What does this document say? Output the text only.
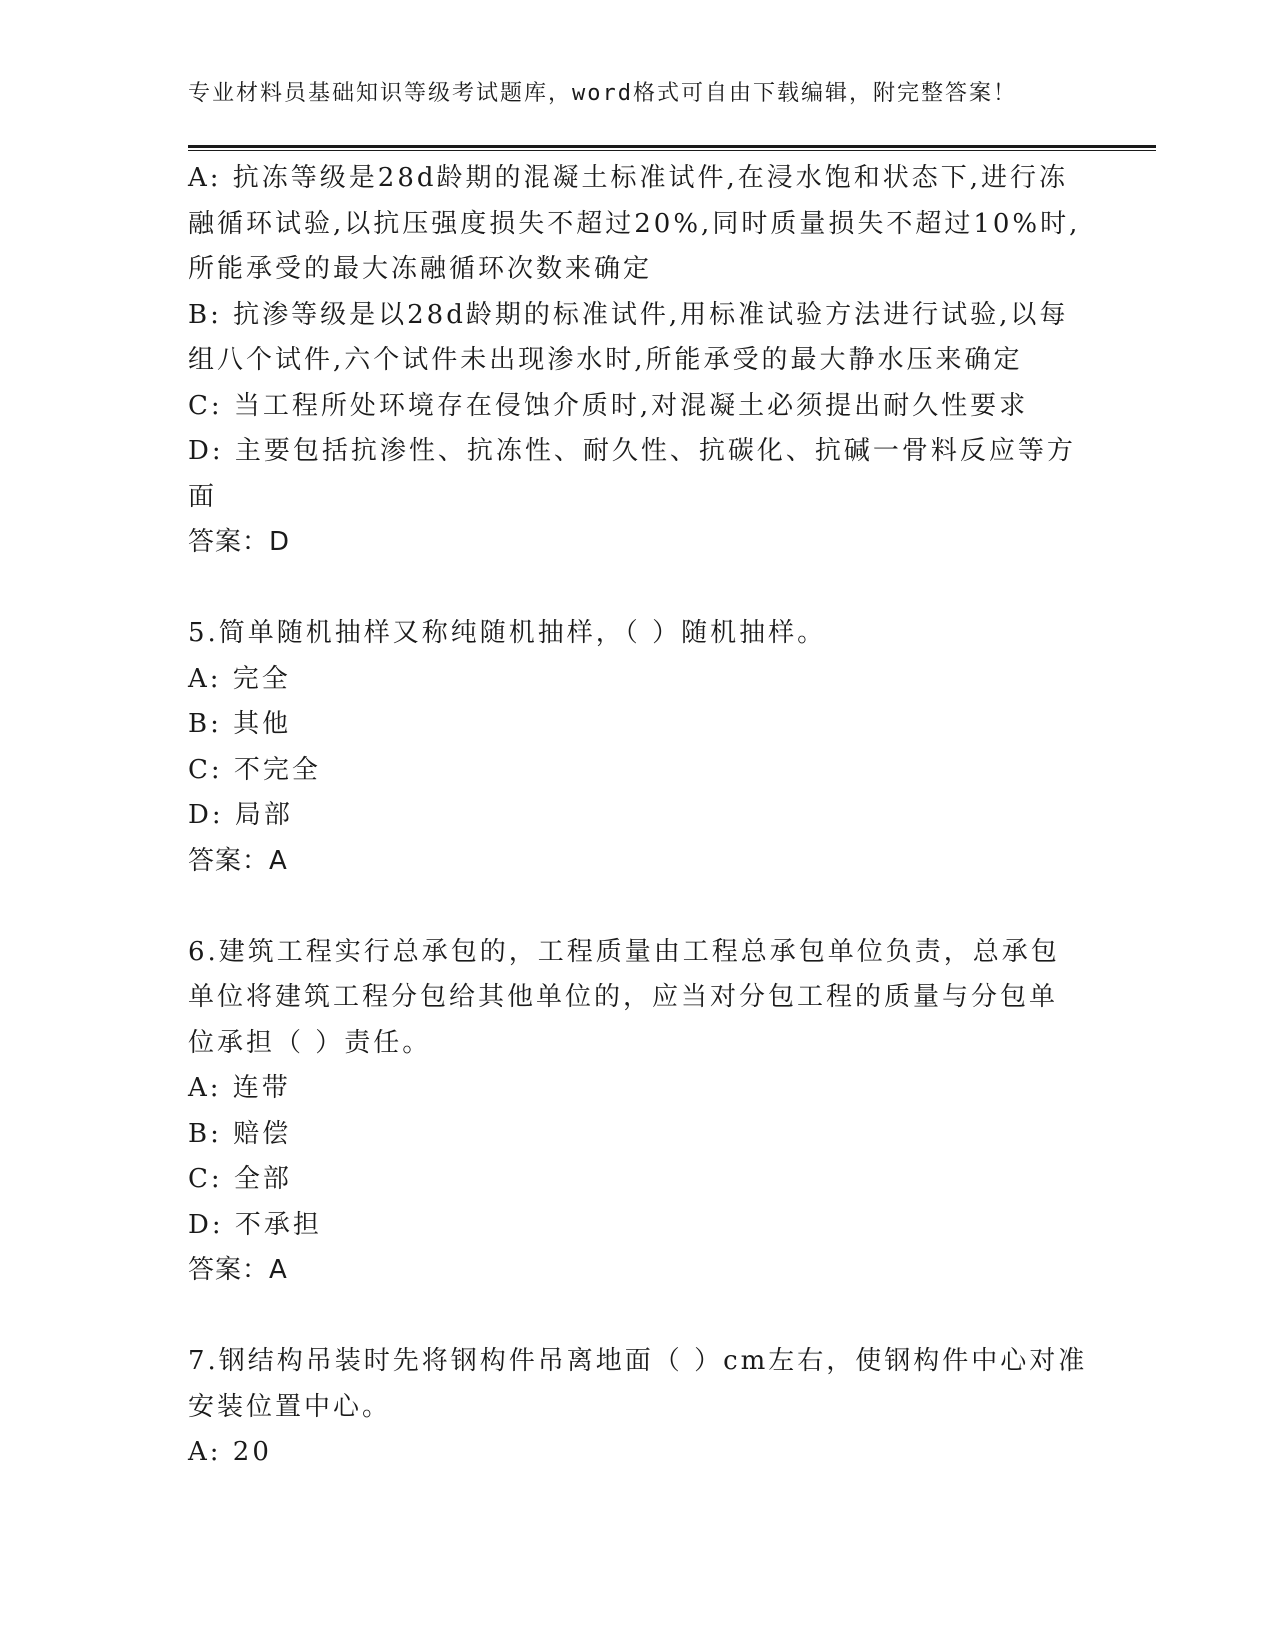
专业材料员基础知识等级考试题库，word格式可自由下载编辑，附完整答案！
A: 抗冻等级是28d龄期的混凝土标准试件,在浸水饱和状态下,进行冻
融循环试验,以抗压强度损失不超过20%,同时质量损失不超过10%时,
所能承受的最大冻融循环次数来确定
B: 抗渗等级是以28d龄期的标准试件,用标准试验方法进行试验,以每
组八个试件,六个试件未出现渗水时,所能承受的最大静水压来确定
C: 当工程所处环境存在侵蚀介质时,对混凝土必须提出耐久性要求
D: 主要包括抗渗性、抗冻性、耐久性、抗碳化、抗碱一骨料反应等方
面
答案：D
5.简单随机抽样又称纯随机抽样，（ ）随机抽样。
A: 完全
B: 其他
C: 不完全
D: 局部
答案：A
6.建筑工程实行总承包的，工程质量由工程总承包单位负责，总承包
单位将建筑工程分包给其他单位的，应当对分包工程的质量与分包单
位承担（ ）责任。
A: 连带
B: 赔偿
C: 全部
D: 不承担
答案：A
7.钢结构吊装时先将钢构件吊离地面（ ）cm左右，使钢构件中心对准
安装位置中心。
A: 20
